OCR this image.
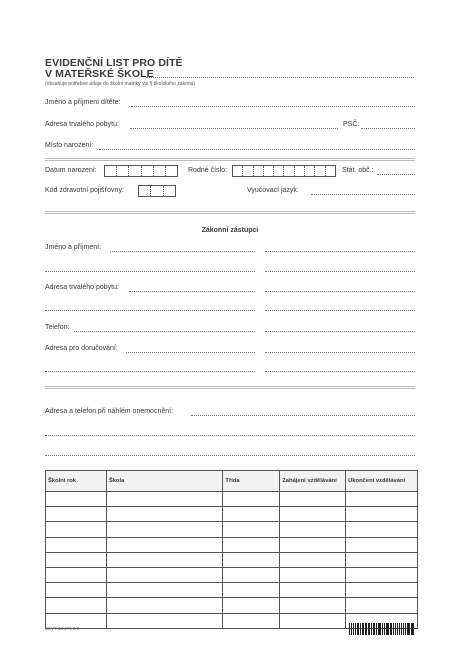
EVIDENČNÍ LIST PRO DÍTĚ
V MATEŘSKÉ ŠKOLE
(obsahuje potřebné údaje do školní matriky viz § školského zákona)
Jméno a příjmení dítěte:
Adresa trvalého pobytu:	PSČ:
Místo narození:
Datum narození:	Rodné číslo:	Stát. obč.:
Kód zdravotní pojišťovny:	Vyučovací jazyk:
Zákonní zástupci
Jméno a příjmení:
Adresa trvalého pobytu:
Telefon:
Adresa pro doručování:
Adresa a telefon při náhlém onemocnění:
Školní rok	Škola	Třída	Zahájení vzdělávání	Ukončení vzdělávání

SEVT 49 178 0/0
